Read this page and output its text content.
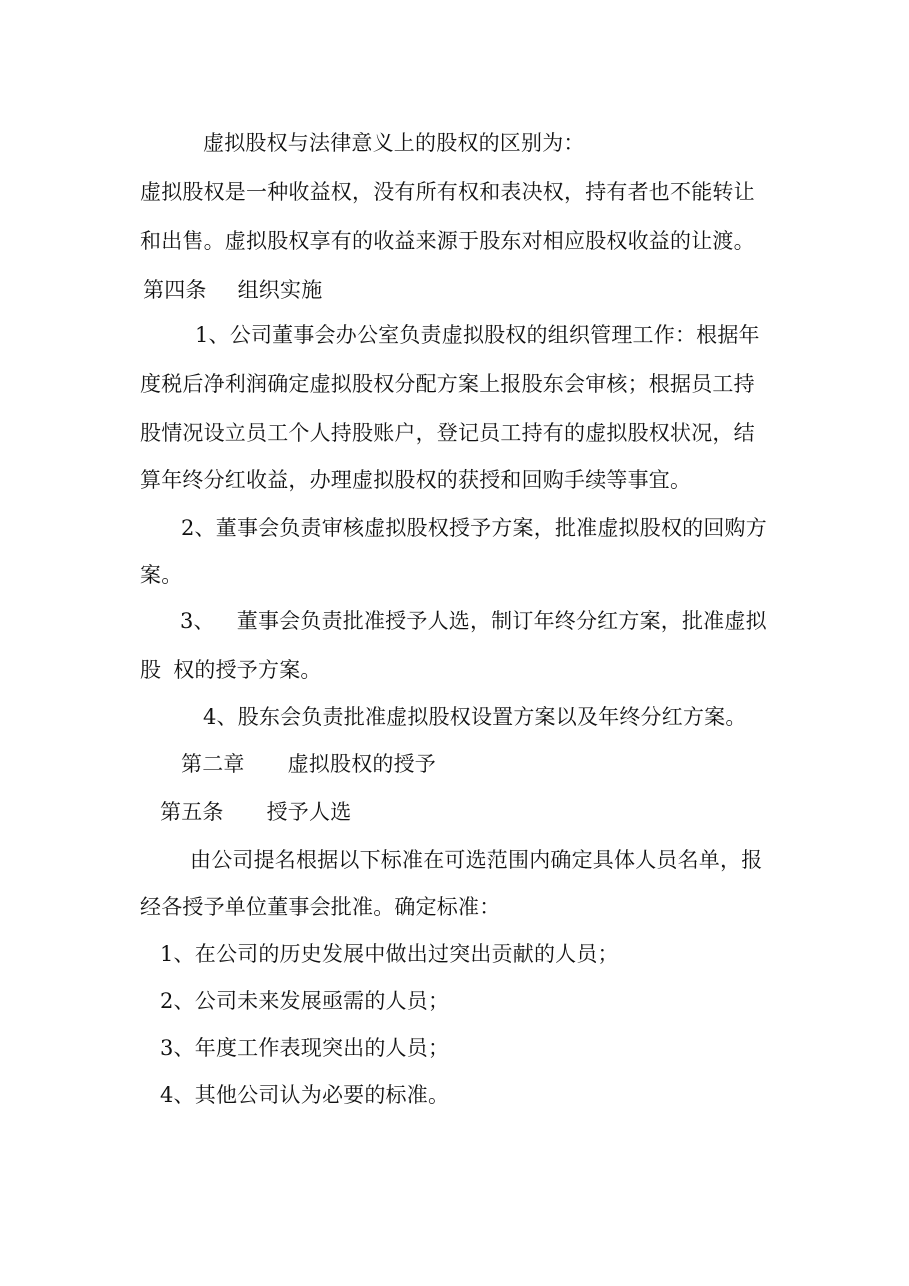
虚拟股权与法律意义上的股权的区别为：
虚拟股权是一种收益权，没有所有权和表决权，持有者也不能转让
和出售。虚拟股权享有的收益来源于股东对相应股权收益的让渡。
第四条 组织实施
1、公司董事会办公室负责虚拟股权的组织管理工作：根据年
度税后净利润确定虚拟股权分配方案上报股东会审核；根据员工持
股情况设立员工个人持股账户，登记员工持有的虚拟股权状况，结
算年终分红收益，办理虚拟股权的获授和回购手续等事宜。
2、董事会负责审核虚拟股权授予方案，批准虚拟股权的回购方
案。
3、 董事会负责批准授予人选，制订年终分红方案，批准虚拟
股 权的授予方案。
4、股东会负责批准虚拟股权设置方案以及年终分红方案。
第二章 虚拟股权的授予
第五条 授予人选
由公司提名根据以下标准在可选范围内确定具体人员名单，报
经各授予单位董事会批准。确定标准：
1、在公司的历史发展中做出过突出贡献的人员；
2、公司未来发展亟需的人员；
3、年度工作表现突出的人员；
4、其他公司认为必要的标准。
